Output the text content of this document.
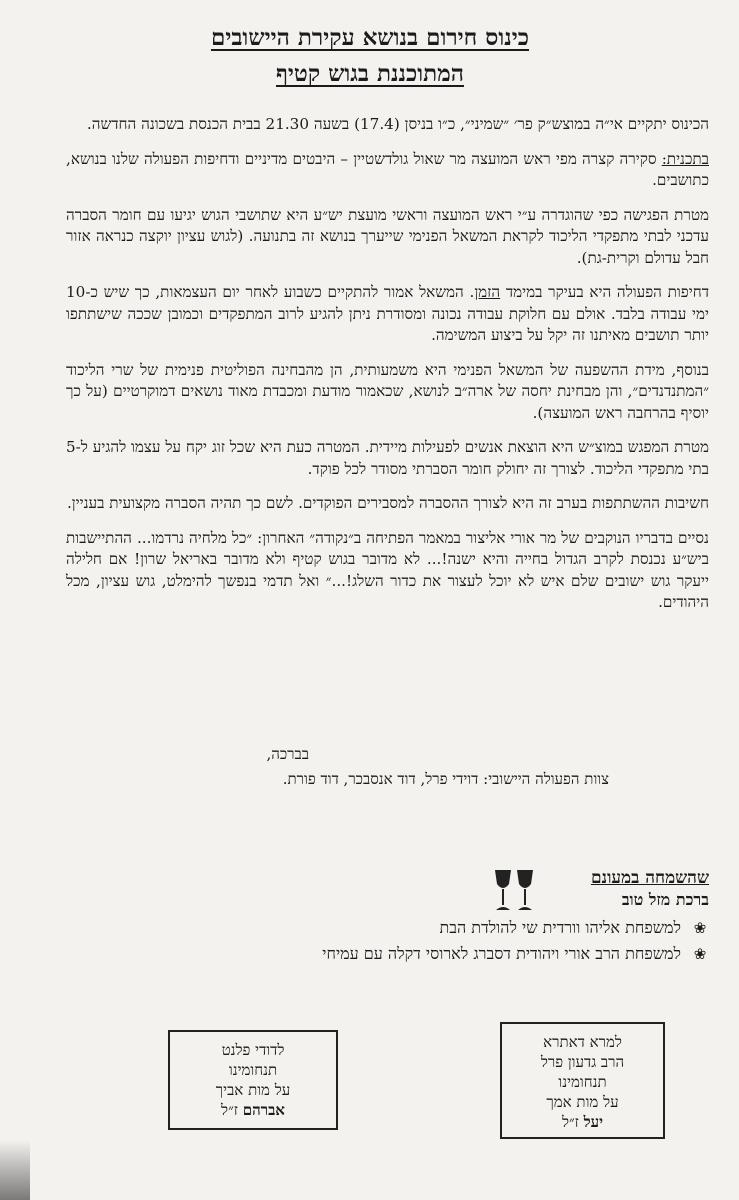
כינוס חירום בנושא עקירת היישובים
המתוכננת בגוש קטיף

הכינוס יתקיים אי״ה במוצש״ק פר׳ ״שמיני״, כ״ו בניסן (17.4) בשעה 21.30 בבית הכנסת בשכונה החדשה.

בתכנית: סקירה קצרה מפי ראש המועצה מר שאול גולדשטיין – היבטים מדיניים ודחיפות הפעולה שלנו בנושא, כתושבים.

מטרת הפגישה כפי שהוגדרה ע״י ראש המועצה וראשי מועצת יש״ע היא שתושבי הגוש יגיעו עם חומר הסברה עדכני לבתי מתפקדי הליכוד לקראת המשאל הפנימי שייערך בנושא זה בתנועה. (לגוש עציון יוקצה כנראה אזור חבל עדולם וקרית-גת).

דחיפות הפעולה היא בעיקר במימד הזמן. המשאל אמור להתקיים כשבוע לאחר יום העצמאות, כך שיש כ-10 ימי עבודה בלבד. אולם עם חלוקת עבודה נכונה ומסודרת ניתן להגיע לרוב המתפקדים וכמובן שככה שישתתפו יותר תושבים מאיתנו זה יקל על ביצוע המשימה.

בנוסף, מידת ההשפעה של המשאל הפנימי היא משמעותית, הן מהבחינה הפוליטית פנימית של שרי הליכוד ״המתנדנדים״, והן מבחינת יחסה של ארה״ב לנושא, שכאמור מודעת ומכבדת מאוד נושאים דמוקרטיים (על כך יוסיף בהרחבה ראש המועצה).

מטרת המפגש במוצ״ש היא הוצאת אנשים לפעילות מיידית. המטרה כעת היא שכל זוג יקח על עצמו להגיע ל-5 בתי מתפקדי הליכוד. לצורך זה יחולק חומר הסברתי מסודר לכל פוקד.

חשיבות ההשתתפות בערב זה היא לצורך ההסברה למסבירים הפוקדים. לשם כך תהיה הסברה מקצועית בעניין.

נסיים בדבריו הנוקבים של מר אורי אליצור במאמר הפתיחה ב״נקודה״ האחרון: ״כל מלחיה נרדמו... ההתיישבות ביש״ע נכנסת לקרב הגדול בחייה והיא ישנה!... לא מדובר בגוש קטיף ולא מדובר באריאל שרון! אם חלילה ייעקר גוש ישובים שלם איש לא יוכל לעצור את כדור השלג!...״ ואל תדמי בנפשך להימלט, גוש עציון, מכל היהודים.

בברכה,
צוות הפעולה היישובי: דוידי פרל, דוד אנסבכר, דוד פורת.
שהשמחה במעונם
ברכת מזל טוב
❀
למשפחת אליהו וורדית שי להולדת הבת
❀
למשפחת הרב אורי ויהודית דסברג לארוסי דקלה עם עמיחי
לדודי פלנט
תנחומינו
על מות אביך
אברהם ז״ל
למרא דאתרא
הרב גדעון פרל
תנחומינו
על מות אמך
יעל ז״ל
